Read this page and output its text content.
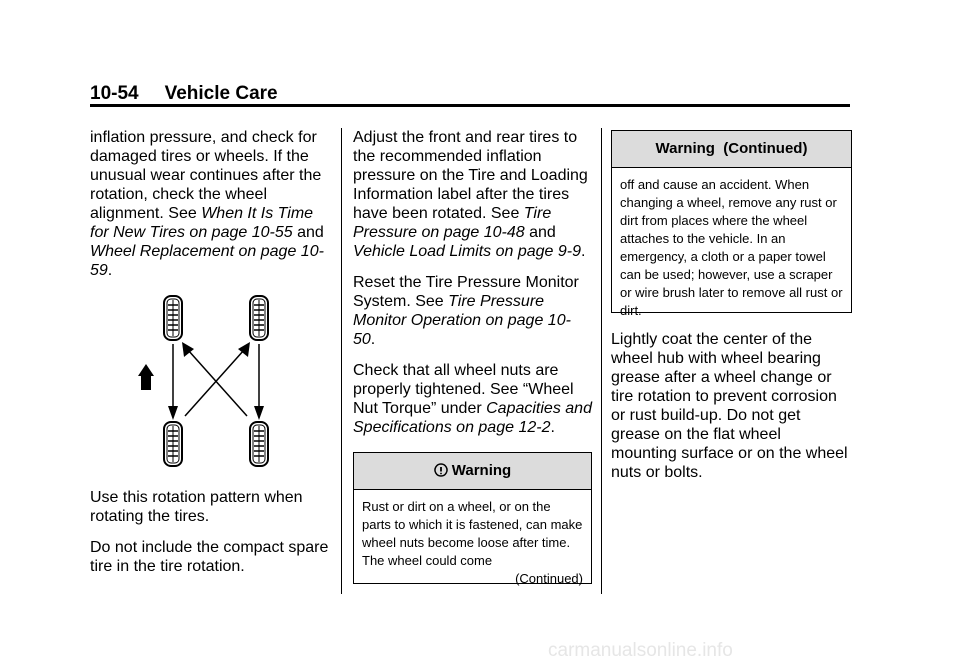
10-54 Vehicle Care

inflation pressure, and check for damaged tires or wheels. If the unusual wear continues after the rotation, check the wheel alignment. See When It Is Time for New Tires on page 10-55 and Wheel Replacement on page 10-59.

Use this rotation pattern when rotating the tires.

Do not include the compact spare tire in the tire rotation.

Adjust the front and rear tires to the recommended inflation pressure on the Tire and Loading Information label after the tires have been rotated. See Tire Pressure on page 10-48 and Vehicle Load Limits on page 9-9.

Reset the Tire Pressure Monitor System. See Tire Pressure Monitor Operation on page 10-50.

Check that all wheel nuts are properly tightened. See “Wheel Nut Torque” under Capacities and Specifications on page 12-2.

Warning
Rust or dirt on a wheel, or on the parts to which it is fastened, can make wheel nuts become loose after time. The wheel could come
(Continued)
Warning  (Continued)
off and cause an accident. When changing a wheel, remove any rust or dirt from places where the wheel attaches to the vehicle. In an emergency, a cloth or a paper towel can be used; however, use a scraper or wire brush later to remove all rust or dirt.

Lightly coat the center of the wheel hub with wheel bearing grease after a wheel change or tire rotation to prevent corrosion or rust build-up. Do not get grease on the flat wheel mounting surface or on the wheel nuts or bolts.

carmanualsonline.info
